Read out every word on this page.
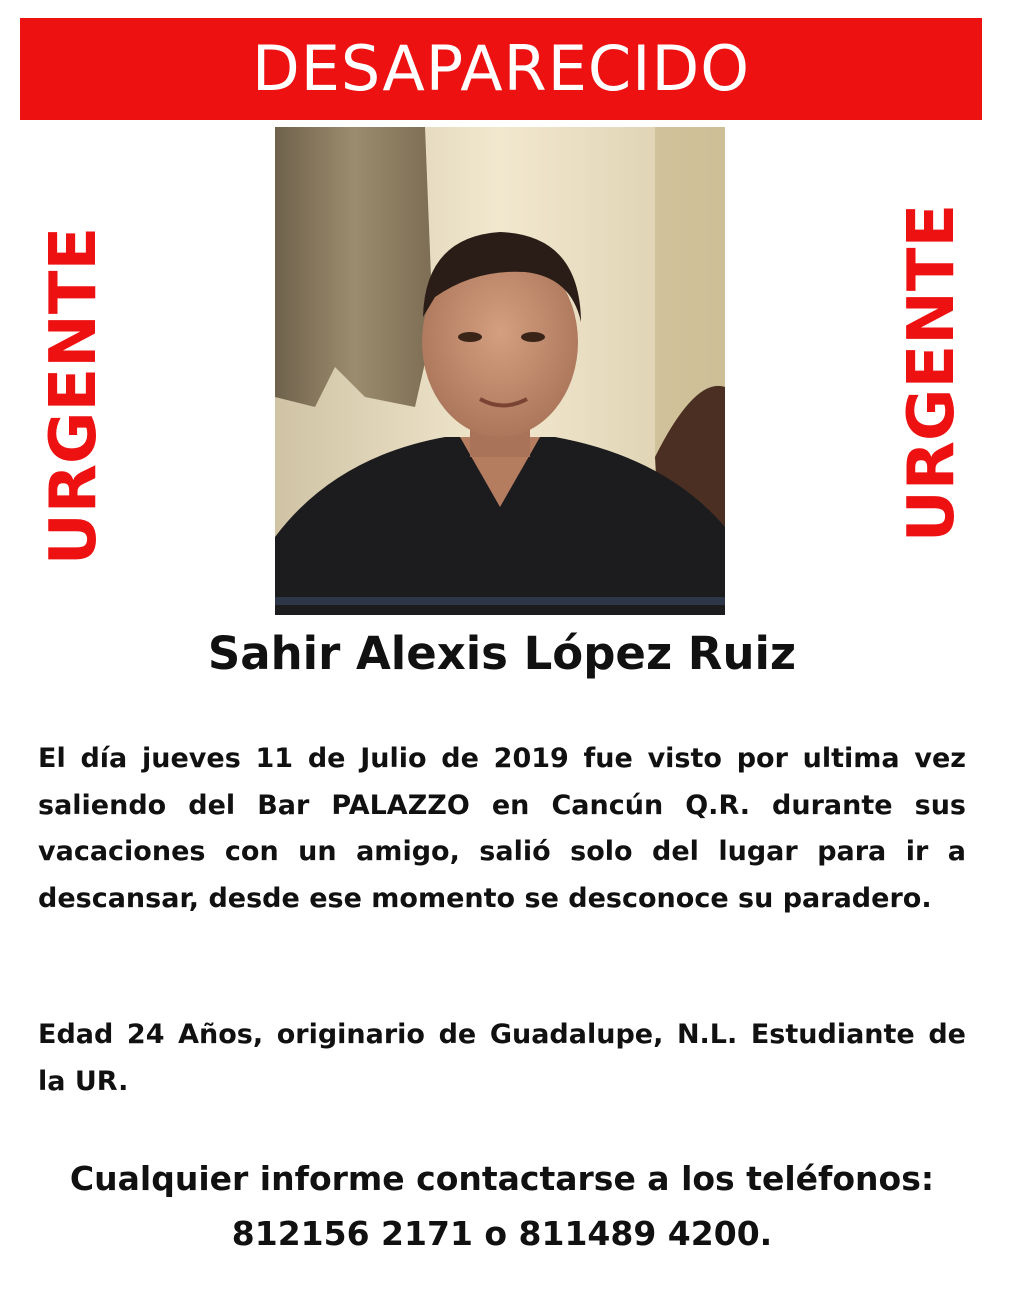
DESAPARECIDO
URGENTE	URGENTE
Sahir Alexis López Ruiz

El día jueves 11 de Julio de 2019 fue visto por ultima vez saliendo del Bar PALAZZO en Cancún Q.R. durante sus vacaciones con un amigo, salió solo del lugar para ir a descansar, desde ese momento se desconoce su paradero.

Edad 24 Años, originario de Guadalupe, N.L. Estudiante de la UR.

Cualquier informe contactarse a los teléfonos:
812156 2171 o 811489 4200.
